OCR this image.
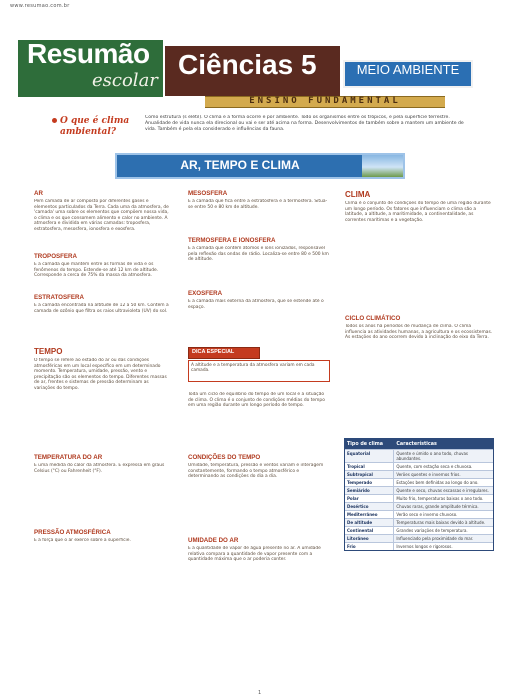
www.resumao.com.br
Resumão
escolar
Ciências 5	MEIO AMBIENTE
ENSINO FUNDAMENTAL
O que é clima ambiental?
Como estrutura (s elétil). O clima e a forma ocorre e por ambiente. Todo os organismos entre os trópicos, e pela superfície terrestre. Anualidade de vida nunca ela direcional ou vai e ser até acima na forma. Desenvolvimentos de também sobre a mantem um ambiente de vida. Também é pela ela considerado e influências da fauna.
AR, TEMPO E CLIMA
AR
Pem camada de ar composto por diferentes gases e elementos particulados da Terra. Cada uma da atmosfera, de 'camada' uma sobre os elementos que compõem nossa vida, o clima e os que consomem alimento e calor no ambiente. A atmosfera e dividida em várias camadas: troposfera, estratosfera, mesosfera, ionosfera e exosfera.
TROPOSFERA
É a camada que mantém entre as formas de vida e os fenômenos do tempo. Estende-se até 12 km de altitude. Corresponde a cerca de 75% da massa da atmosfera.
ESTRATOSFERA
É a camada encontrada na altitude de 12 a 50 km. Contém a camada de ozônio que filtra os raios ultravioleta (UV) do sol.
TEMPO
O tempo se refere ao estado do ar ou das condições atmosféricas em um local específico em um determinado momento. Temperatura, umidade, pressão, vento e precipitação são os elementos do tempo. Diferentes massas de ar, frentes e sistemas de pressão determinam as variações do tempo.
TEMPERATURA DO AR
É uma medida do calor da atmosfera. É expressa em graus Celsius (°C) ou Fahrenheit (°F).
PRESSÃO ATMOSFÉRICA
É a força que o ar exerce sobre a superfície.
MESOSFERA
É a camada que fica entre a estratosfera e a termosfera. Situa-se entre 50 e 80 km de altitude.
TERMOSFERA E IONOSFERA
É a camada que contém átomos e íons ionizados, responsável pela reflexão das ondas de rádio. Localiza-se entre 80 e 500 km de altitude.
EXOSFERA
É a camada mais externa da atmosfera, que se estende até o espaço.
DICA ESPECIAL
A altitude e a temperatura da atmosfera variam em cada camada.
Toda um ciclo de equilíbrio do tempo de um local e a situação de clima. O clima é o conjunto de condições médias do tempo em uma região durante um longo período de tempo.
CONDIÇÕES DO TEMPO
Umidade, temperatura, pressão e ventos variam e interagem constantemente, formando o tempo atmosférico e determinando as condições do dia a dia.
UMIDADE DO AR
É a quantidade de vapor de água presente no ar. A umidade relativa compara a quantidade de vapor presente com a quantidade máxima que o ar poderia conter.
CLIMA
Clima é o conjunto de condições do tempo de uma região durante um longo período. Os fatores que influenciam o clima são a latitude, a altitude, a maritimidade, a continentalidade, as correntes marítimas e a vegetação.
CICLO CLIMÁTICO
Todos os anos há períodos de mudança de clima. O clima influencia as atividades humanas, a agricultura e os ecossistemas. As estações do ano ocorrem devido à inclinação do eixo da Terra.
Tipo de clima	Características
Equatorial	Quente e úmido o ano todo, chuvas abundantes.
Tropical	Quente, com estação seca e chuvosa.
Subtropical	Verões quentes e invernos frios.
Temperado	Estações bem definidas ao longo do ano.
Semiárido	Quente e seco, chuvas escassas e irregulares.
Polar	Muito frio, temperaturas baixas o ano todo.
Desértico	Chuvas raras, grande amplitude térmica.
Mediterrâneo	Verão seco e inverno chuvoso.
De altitude	Temperaturas mais baixas devido à altitude.
Continental	Grandes variações de temperatura.
Litorâneo	Influenciado pela proximidade do mar.
Frio	Invernos longos e rigorosos.
1
